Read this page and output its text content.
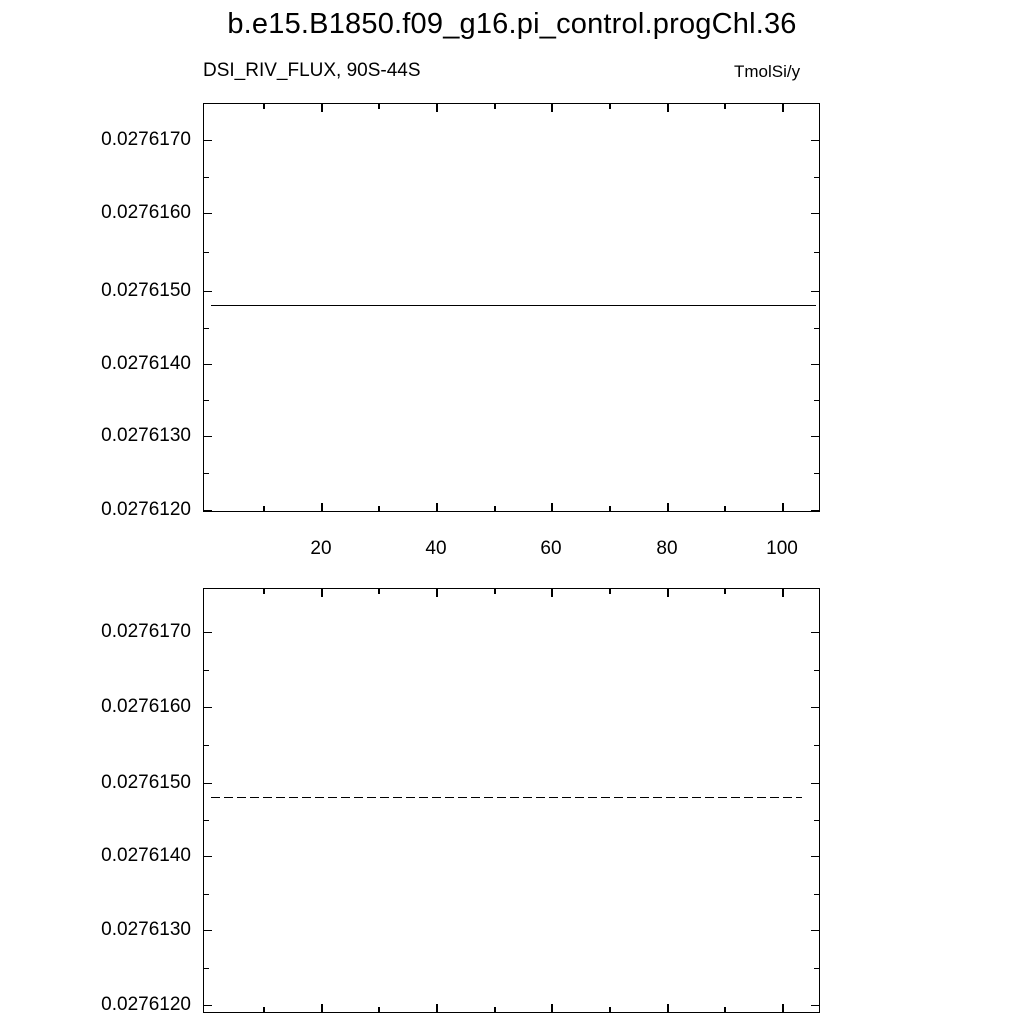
b.e15.B1850.f09_g16.pi_control.progChl.36
DSI_RIV_FLUX, 90S-44S	TmolSi/y
0.0276170
0.0276160
0.0276150
0.0276140
0.0276130
0.0276120
20	40	60	80	100
0.0276170
0.0276160
0.0276150
0.0276140
0.0276130
0.0276120
